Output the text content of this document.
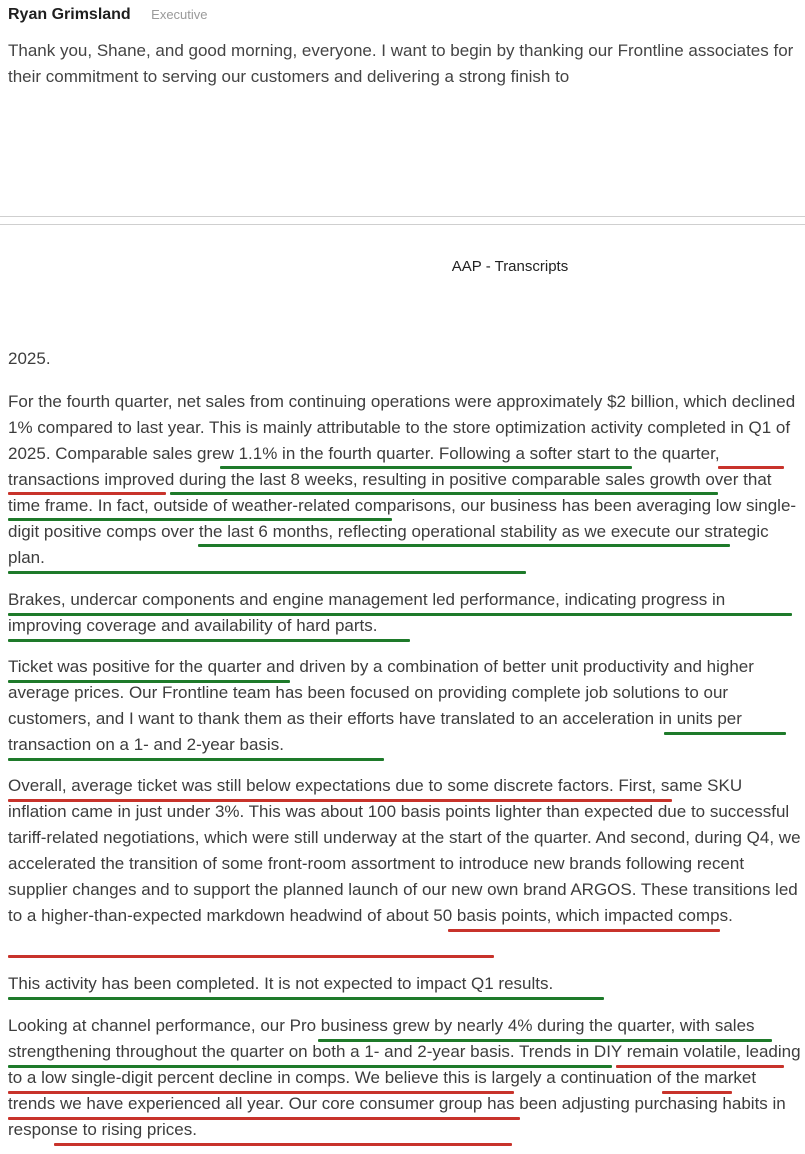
Ryan Grimsland Executive

Thank you, Shane, and good morning, everyone. I want to begin by thanking our Frontline associates for their commitment to serving our customers and delivering a strong finish to

AAP - Transcripts

2025.

For the fourth quarter, net sales from continuing operations were approximately $2 billion, which declined 1% compared to last year. This is mainly attributable to the store optimization activity completed in Q1 of 2025. Comparable sales grew 1.1% in the fourth quarter. Following a softer start to the quarter, transactions improved during the last 8 weeks, resulting in positive comparable sales growth over that time frame. In fact, outside of weather-related comparisons, our business has been averaging low single-digit positive comps over the last 6 months, reflecting operational stability as we execute our strategic plan.

Brakes, undercar components and engine management led performance, indicating progress in improving coverage and availability of hard parts.

Ticket was positive for the quarter and driven by a combination of better unit productivity and higher average prices. Our Frontline team has been focused on providing complete job solutions to our customers, and I want to thank them as their efforts have translated to an acceleration in units per transaction on a 1- and 2-year basis.

Overall, average ticket was still below expectations due to some discrete factors. First, same SKU inflation came in just under 3%. This was about 100 basis points lighter than expected due to successful tariff-related negotiations, which were still underway at the start of the quarter. And second, during Q4, we accelerated the transition of some front-room assortment to introduce new brands following recent supplier changes and to support the planned launch of our new own brand ARGOS. These transitions led to a higher-than-expected markdown headwind of about 50 basis points, which impacted comps.

This activity has been completed. It is not expected to impact Q1 results.

Looking at channel performance, our Pro business grew by nearly 4% during the quarter, with sales strengthening throughout the quarter on both a 1- and 2-year basis. Trends in DIY remain volatile, leading to a low single-digit percent decline in comps. We believe this is largely a continuation of the market trends we have experienced all year. Our core consumer group has been adjusting purchasing habits in response to rising prices.
